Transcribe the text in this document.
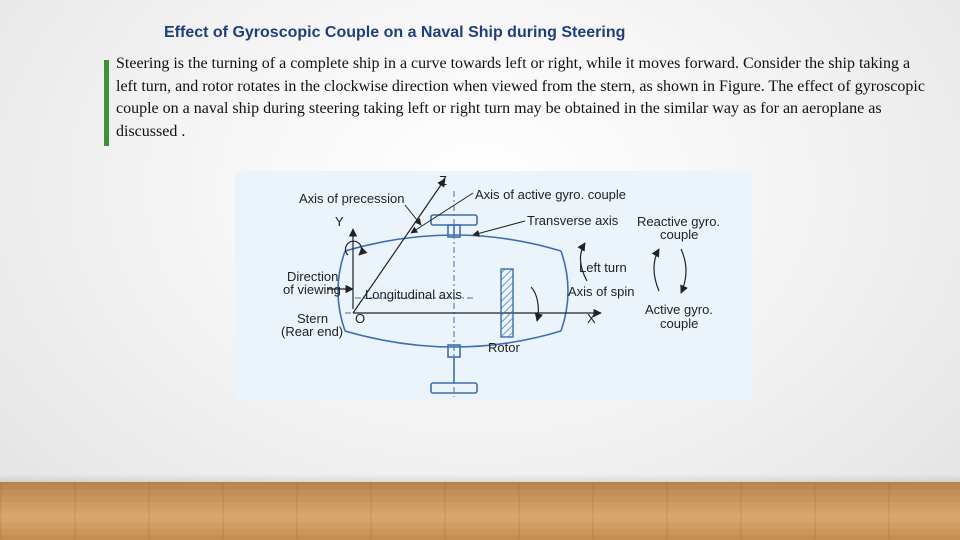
Effect of Gyroscopic Couple on a Naval Ship during Steering

Steering is the turning of a complete ship in a curve towards left or right, while it moves forward. Consider the ship taking a left turn, and rotor rotates in the clockwise direction when viewed from the stern, as shown in Figure. The effect of gyroscopic couple on a naval ship during steering taking left or right turn may be obtained in the similar way as for an aeroplane as discussed .

Z
Axis of precession	Axis of active gyro. couple
Y	Transverse axis Reactive gyro.
couple
Direction
of viewing Longitudinal axis
Left turn
Axis of spin
Stern
(Rear end)
O	X
Active gyro.
couple
Rotor
